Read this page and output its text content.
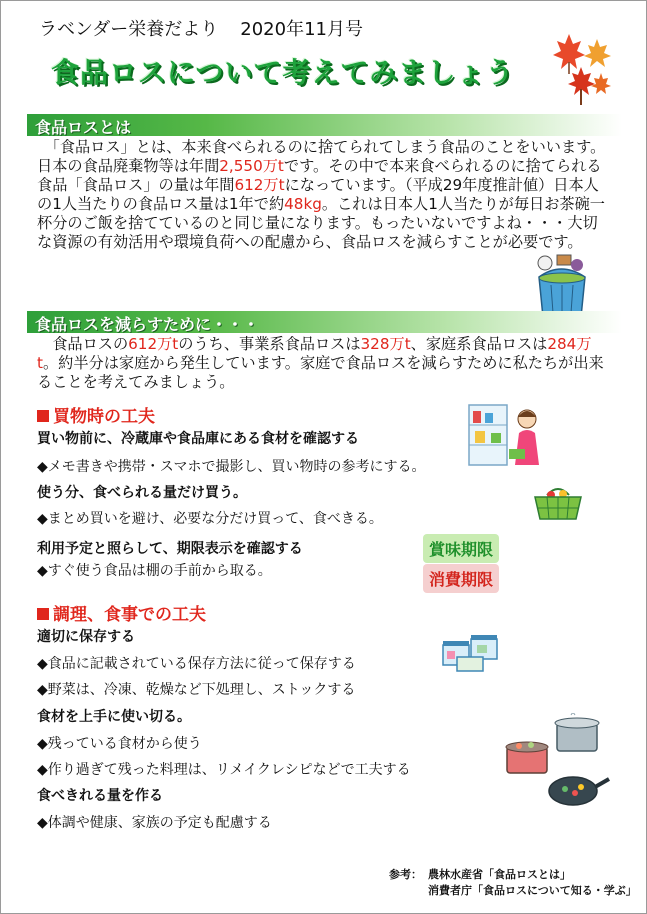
ラベンダー栄養だより 2020年11月号
食品ロスについて考えてみましょう
食品ロスとは

　「食品ロス」とは、本来食べられるのに捨てられてしまう食品のことをいいます。日本の食品廃棄物等は年間2,550万tです。その中で本来食べられるのに捨てられる食品「食品ロス」の量は年間612万tになっています。（平成29年度推計値）日本人の1人当たりの食品ロス量は1年で約48kg。これは日本人1人当たりが毎日お茶碗一杯分のご飯を捨てているのと同じ量になります。もったいないですよね・・・大切な資源の有効活用や環境負荷への配慮から、食品ロスを減らすことが必要です。

食品ロスを減らすために・・・

　食品ロスの612万tのうち、事業系食品ロスは328万t、家庭系食品ロスは284万t。約半分は家庭から発生しています。家庭で食品ロスを減らすために私たちが出来ることを考えてみましょう。

買物時の工夫
買い物前に、冷蔵庫や食品庫にある食材を確認する
◆メモ書きや携帯・スマホで撮影し、買い物時の参考にする。
使う分、食べられる量だけ買う。
◆まとめ買いを避け、必要な分だけ買って、食べきる。
利用予定と照らして、期限表示を確認する
◆すぐ使う食品は棚の手前から取る。
賞味期限
消費期限
調理、食事での工夫
適切に保存する
◆食品に記載されている保存方法に従って保存する
◆野菜は、冷凍、乾燥など下処理し、ストックする
食材を上手に使い切る。
◆残っている食材から使う
◆作り過ぎて残った料理は、リメイクレシピなどで工夫する
食べきれる量を作る
◆体調や健康、家族の予定も配慮する
参考： 農林水産省「食品ロスとは」
消費者庁「食品ロスについて知る・学ぶ」
